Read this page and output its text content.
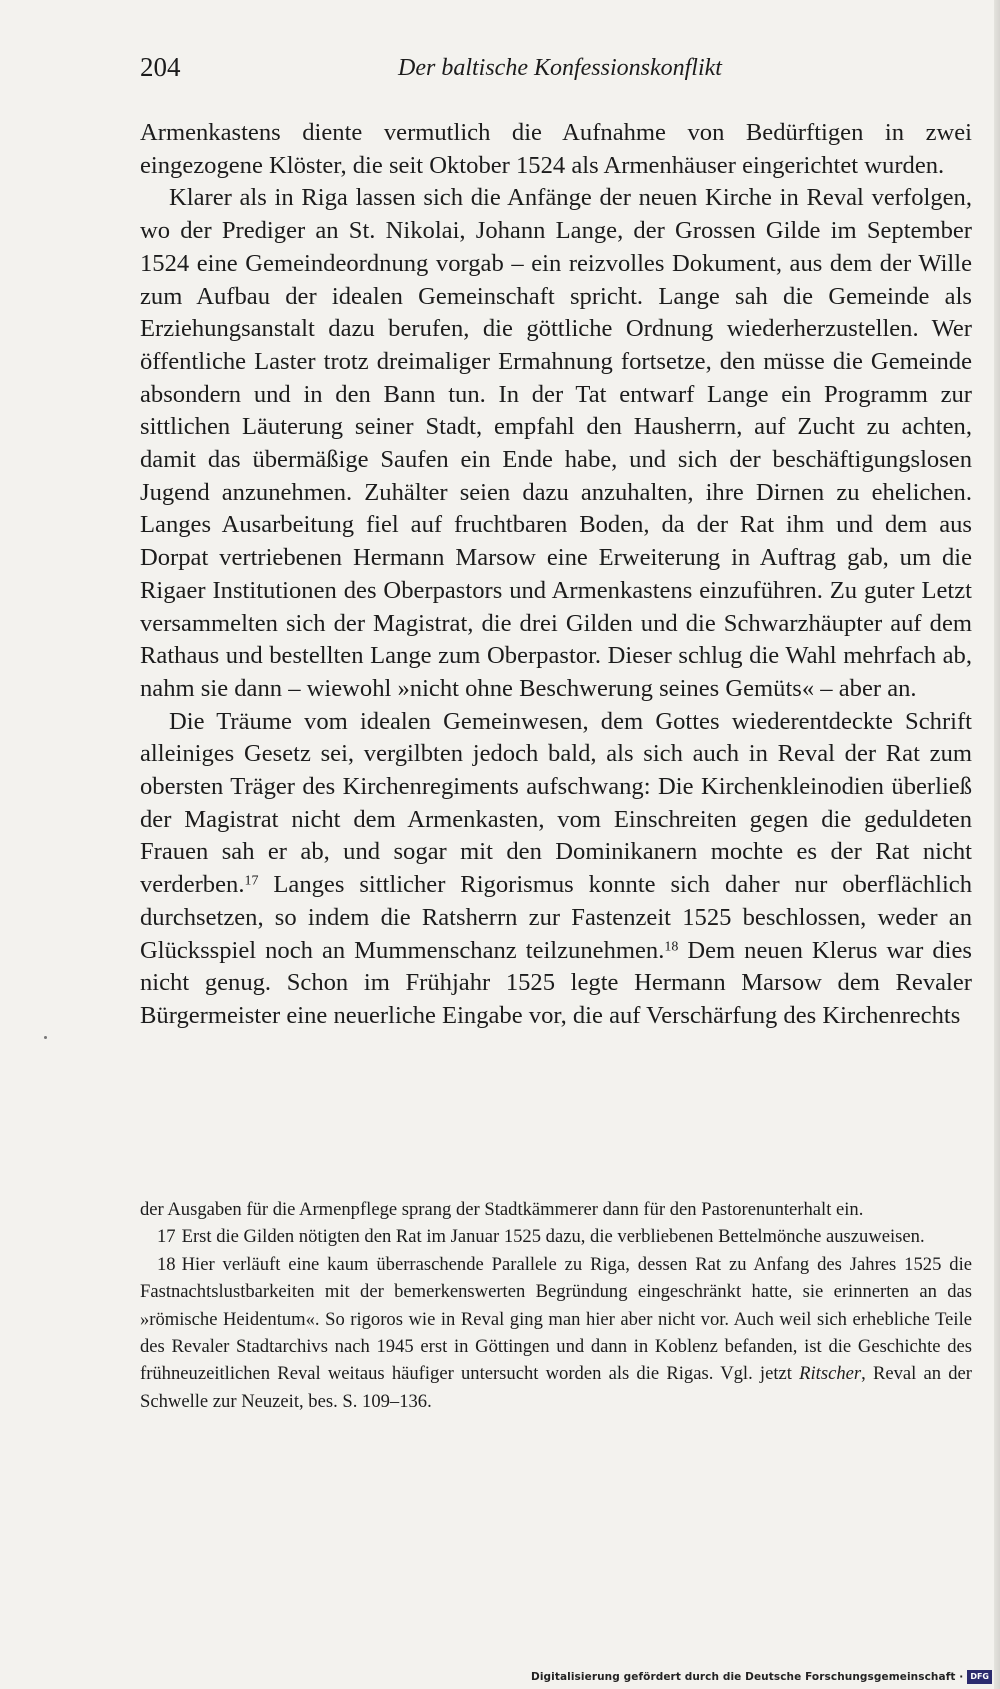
204	Der baltische Konfessionskonflikt

Armenkastens diente vermutlich die Aufnahme von Bedürftigen in zwei eingezogene Klöster, die seit Oktober 1524 als Armenhäuser eingerichtet wurden.

Klarer als in Riga lassen sich die Anfänge der neuen Kirche in Reval verfolgen, wo der Prediger an St. Nikolai, Johann Lange, der Grossen Gilde im September 1524 eine Gemeindeordnung vorgab – ein reizvolles Dokument, aus dem der Wille zum Aufbau der idealen Gemeinschaft spricht. Lange sah die Gemeinde als Erziehungsanstalt dazu berufen, die göttliche Ordnung wiederherzustellen. Wer öffentliche Laster trotz dreimaliger Ermahnung fortsetze, den müsse die Gemeinde absondern und in den Bann tun. In der Tat entwarf Lange ein Programm zur sittlichen Läuterung seiner Stadt, empfahl den Hausherrn, auf Zucht zu achten, damit das übermäßige Saufen ein Ende habe, und sich der beschäftigungslosen Jugend anzunehmen. Zuhälter seien dazu anzuhalten, ihre Dirnen zu ehelichen. Langes Ausarbeitung fiel auf fruchtbaren Boden, da der Rat ihm und dem aus Dorpat vertriebenen Hermann Marsow eine Erweiterung in Auftrag gab, um die Rigaer Institutionen des Oberpastors und Armenkastens einzuführen. Zu guter Letzt versammelten sich der Magistrat, die drei Gilden und die Schwarzhäupter auf dem Rathaus und bestellten Lange zum Oberpastor. Dieser schlug die Wahl mehrfach ab, nahm sie dann – wiewohl »nicht ohne Beschwerung seines Gemüts« – aber an.

Die Träume vom idealen Gemeinwesen, dem Gottes wiederentdeckte Schrift alleiniges Gesetz sei, vergilbten jedoch bald, als sich auch in Reval der Rat zum obersten Träger des Kirchenregiments aufschwang: Die Kirchenkleinodien überließ der Magistrat nicht dem Armenkasten, vom Einschreiten gegen die geduldeten Frauen sah er ab, und sogar mit den Dominikanern mochte es der Rat nicht verderben.$^{17}$ Langes sittlicher Rigorismus konnte sich daher nur oberflächlich durchsetzen, so indem die Ratsherrn zur Fastenzeit 1525 beschlossen, weder an Glücksspiel noch an Mummenschanz teilzunehmen.$^{18}$ Dem neuen Klerus war dies nicht genug. Schon im Frühjahr 1525 legte Hermann Marsow dem Revaler Bürgermeister eine neuerliche Eingabe vor, die auf Verschärfung des Kirchenrechts

der Ausgaben für die Armenpflege sprang der Stadtkämmerer dann für den Pastorenunterhalt ein.

17 Erst die Gilden nötigten den Rat im Januar 1525 dazu, die verbliebenen Bettelmönche auszuweisen.

18 Hier verläuft eine kaum überraschende Parallele zu Riga, dessen Rat zu Anfang des Jahres 1525 die Fastnachtslustbarkeiten mit der bemerkenswerten Begründung eingeschränkt hatte, sie erinnerten an das »römische Heidentum«. So rigoros wie in Reval ging man hier aber nicht vor. Auch weil sich erhebliche Teile des Revaler Stadtarchivs nach 1945 erst in Göttingen und dann in Koblenz befanden, ist die Geschichte des frühneuzeitlichen Reval weitaus häufiger untersucht worden als die Rigas. Vgl. jetzt Ritscher, Reval an der Schwelle zur Neuzeit, bes. S. 109–136.

Digitalisierung gefördert durch die Deutsche Forschungsgemeinschaft · DFG
